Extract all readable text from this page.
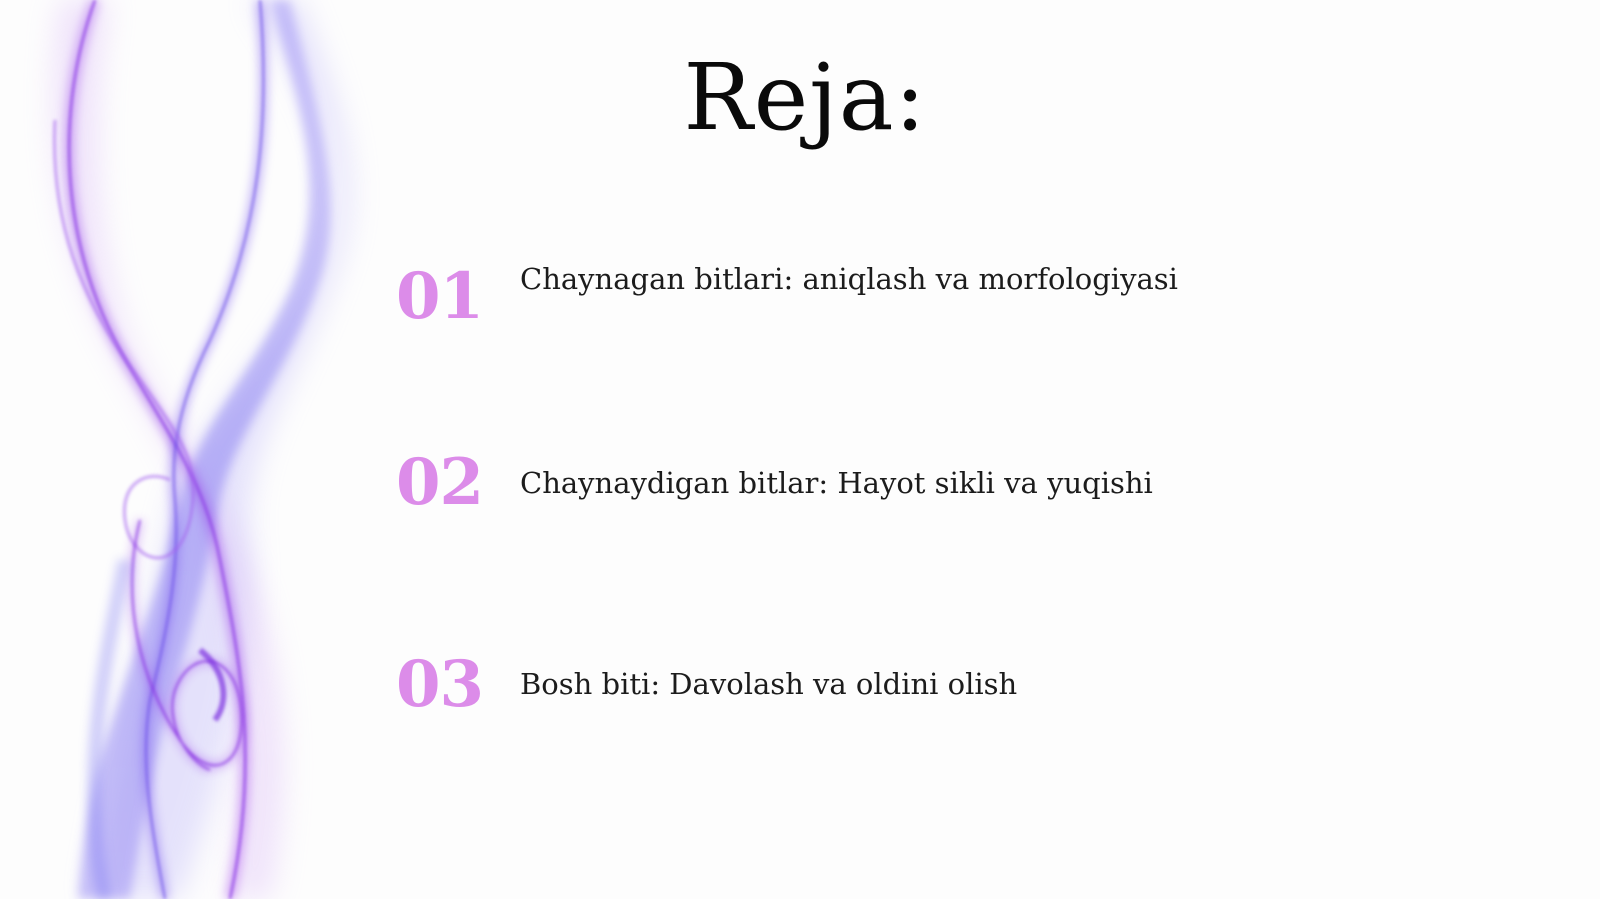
Reja:
01 Chaynagan bitlari: aniqlash va morfologiyasi
02 Chaynaydigan bitlar: Hayot sikli va yuqishi
03 Bosh biti: Davolash va oldini olish
